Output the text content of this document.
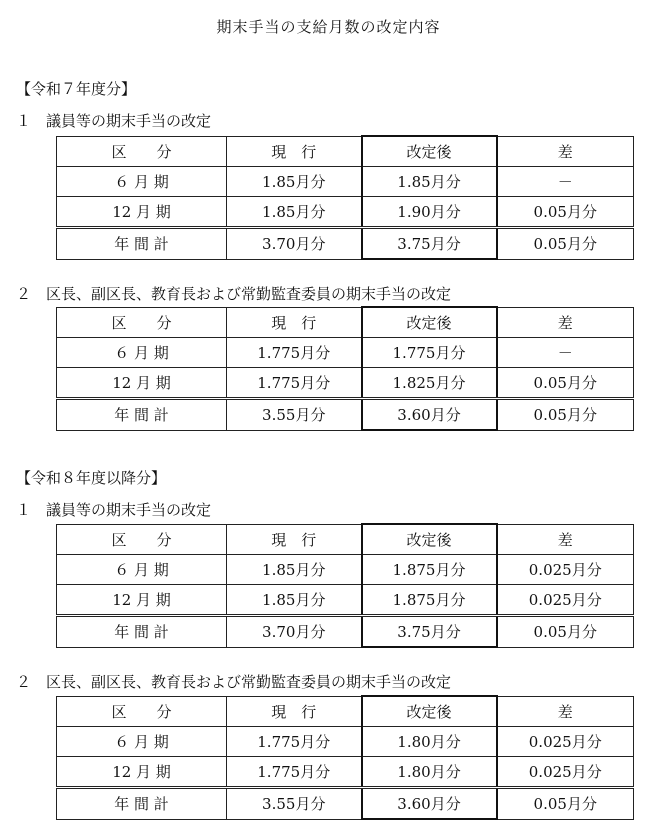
期末手当の支給月数の改定内容
【令和７年度分】
１ 議員等の期末手当の改定
区　　分	現　行	改定後	差
６ 月 期	1.85月分	1.85月分	－
12 月 期	1.85月分	1.90月分	0.05月分
年 間 計	3.70月分	3.75月分	0.05月分
２ 区長、副区長、教育長および常勤監査委員の期末手当の改定
区　　分	現　行	改定後	差
６ 月 期	1.775月分	1.775月分	－
12 月 期	1.775月分	1.825月分	0.05月分
年 間 計	3.55月分	3.60月分	0.05月分
【令和８年度以降分】
１ 議員等の期末手当の改定
区　　分	現　行	改定後	差
６ 月 期	1.85月分	1.875月分	0.025月分
12 月 期	1.85月分	1.875月分	0.025月分
年 間 計	3.70月分	3.75月分	0.05月分
２ 区長、副区長、教育長および常勤監査委員の期末手当の改定
区　　分	現　行	改定後	差
６ 月 期	1.775月分	1.80月分	0.025月分
12 月 期	1.775月分	1.80月分	0.025月分
年 間 計	3.55月分	3.60月分	0.05月分
